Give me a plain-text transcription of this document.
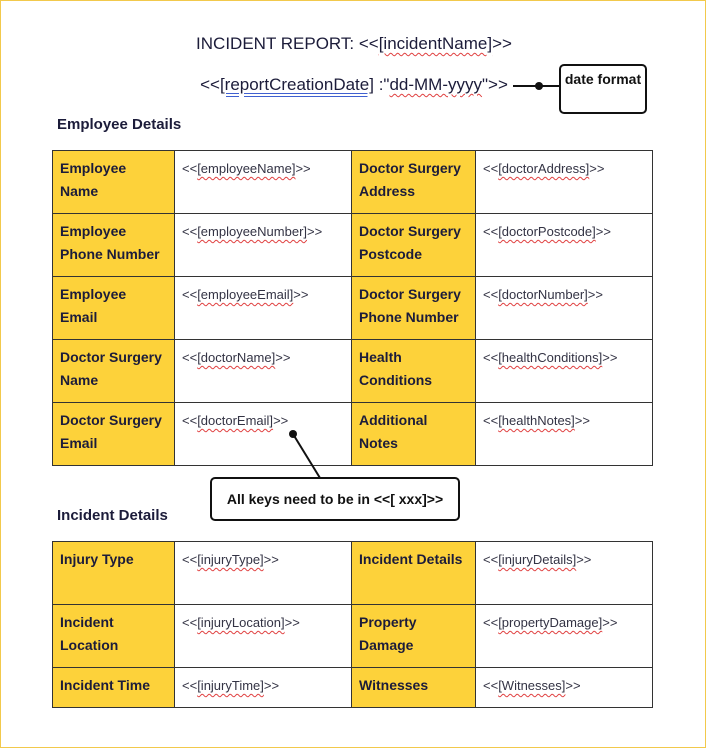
INCIDENT REPORT: <<[incidentName]>>
<<[reportCreationDate] :"dd-MM-yyyy">>	date format
Employee Details
Employee Name	<<[employeeName]>>	Doctor Surgery Address	<<[doctorAddress]>>
Employee Phone Number	<<[employeeNumber]>>	Doctor Surgery Postcode	<<[doctorPostcode]>>
Employee Email	<<[employeeEmail]>>	Doctor Surgery Phone Number	<<[doctorNumber]>>
Doctor Surgery Name	<<[doctorName]>>	Health Conditions	<<[healthConditions]>>
Doctor Surgery Email	<<[doctorEmail]>>	Additional Notes	<<[healthNotes]>>
Incident Details
Injury Type	<<[injuryType]>>	Incident Details	<<[injuryDetails]>>
Incident Location	<<[injuryLocation]>>	Property Damage	<<[propertyDamage]>>
Incident Time	<<[injuryTime]>>	Witnesses	<<[Witnesses]>>
All keys need to be in <<[ xxx]>>
